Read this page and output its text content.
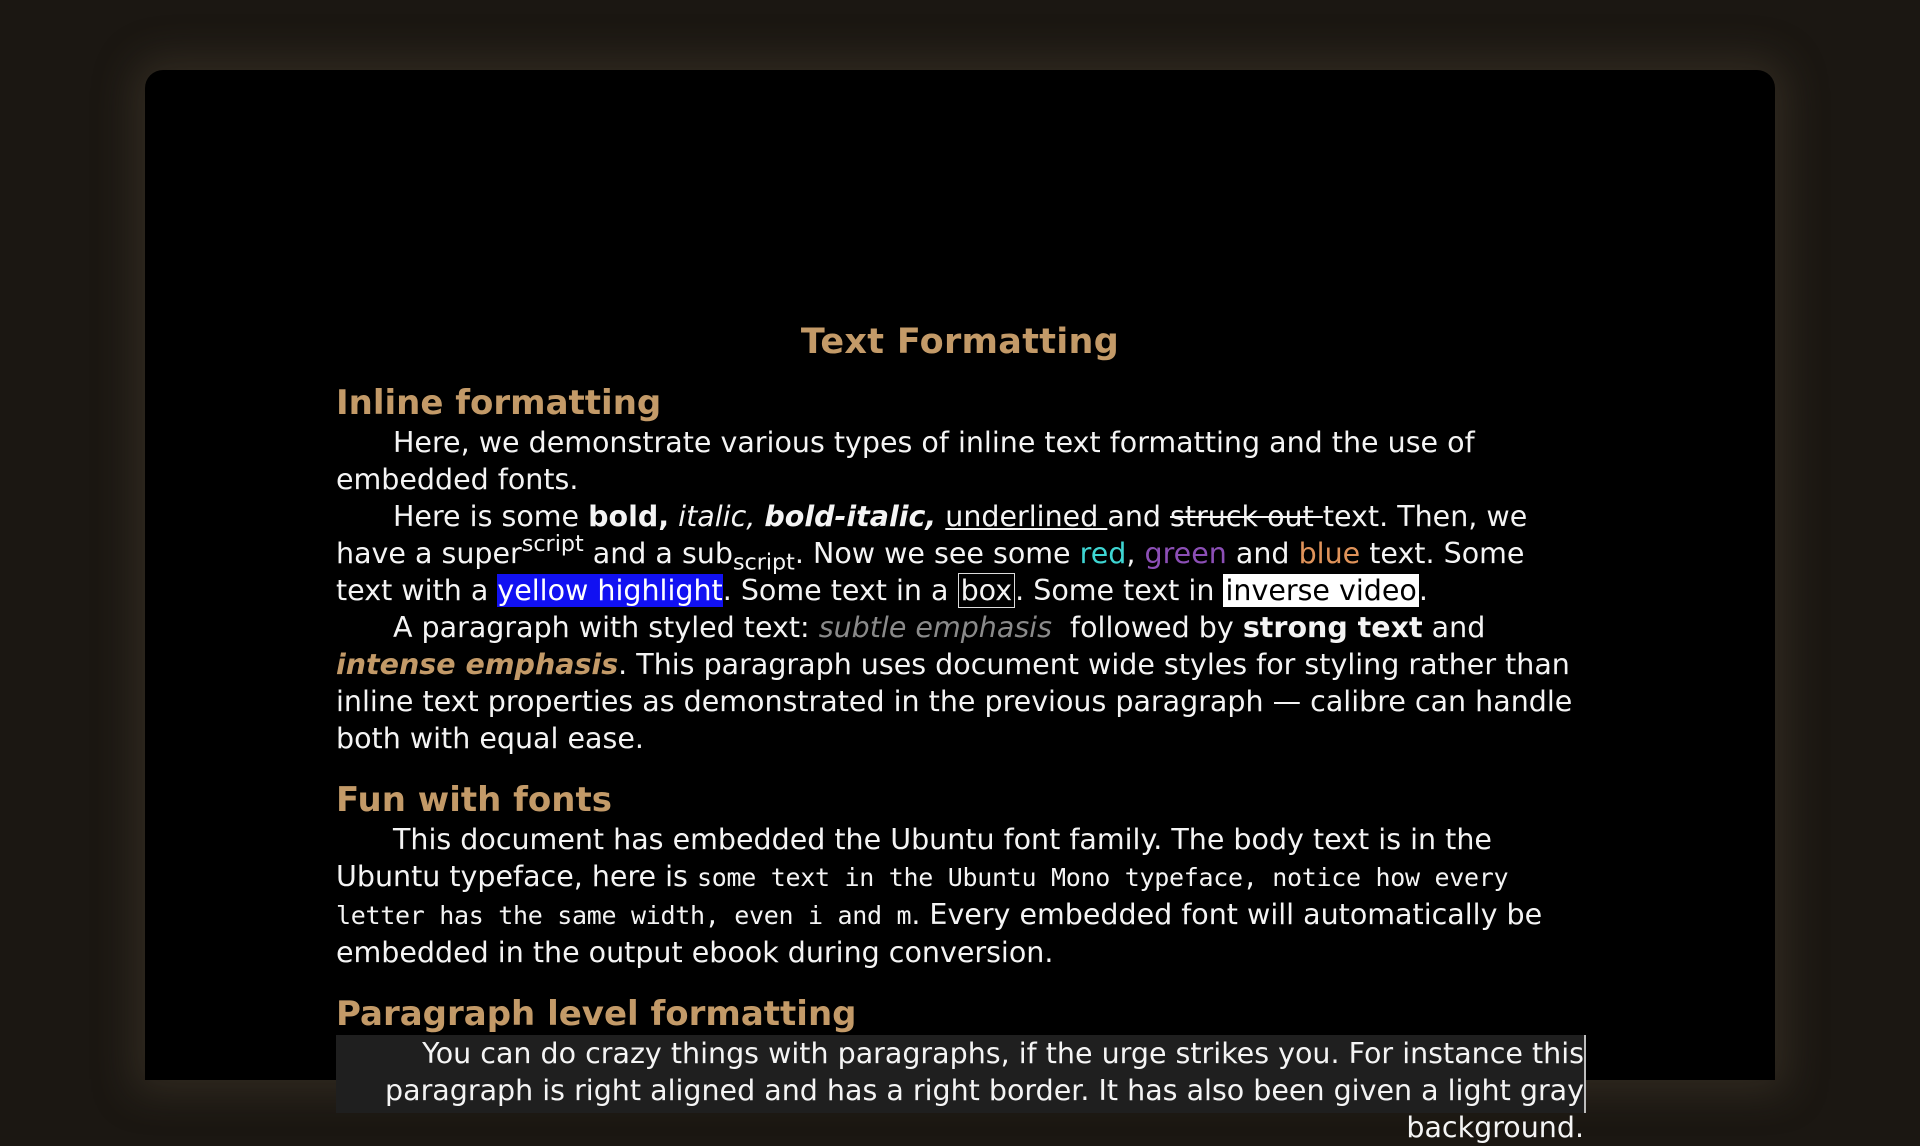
Text Formatting
Inline formatting

Here, we demonstrate various types of inline text formatting and the use of embedded fonts.

Here is some bold, italic, bold-italic, underlined and struck out text. Then, we have a super$^{script}$ and a sub$_{script}$. Now we see some red, green and blue text. Some text with a yellow highlight. Some text in a box . Some text in inverse video.

A paragraph with styled text: subtle emphasis  followed by strong text and intense emphasis. This paragraph uses document wide styles for styling rather than inline text properties as demonstrated in the previous paragraph — calibre can handle both with equal ease.

Fun with fonts

This document has embedded the Ubuntu font family. The body text is in the Ubuntu typeface, here is some text in the Ubuntu Mono typeface, notice how every letter has the same width, even i and m. Every embedded font will automatically be embedded in the output ebook during conversion.

Paragraph level formatting
You can do crazy things with paragraphs, if the urge strikes you. For instance this paragraph is right aligned and has a right border. It has also been given a light gray background.
